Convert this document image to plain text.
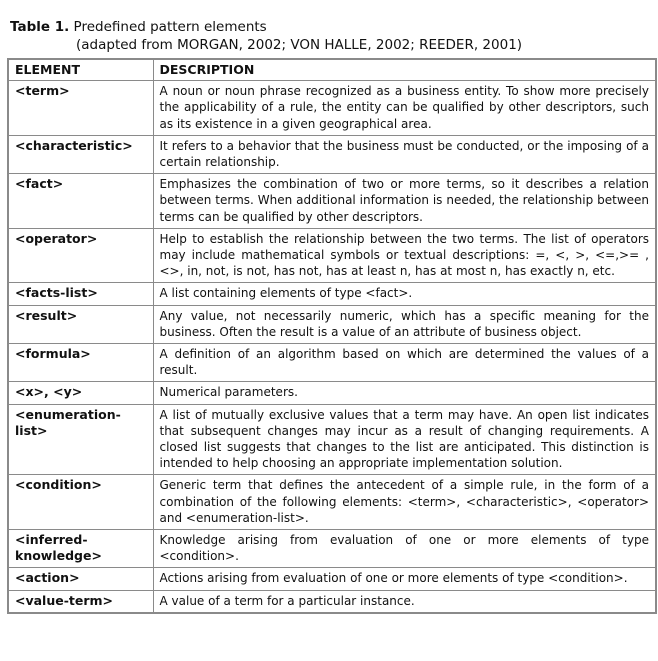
Table 1. Predefined pattern elements
(adapted from MORGAN, 2002; VON HALLE, 2002; REEDER, 2001)
ELEMENT	DESCRIPTION
<term>	A noun or noun phrase recognized as a business entity. To show more precisely the applicability of a rule, the entity can be qualified by other descriptors, such as its existence in a given geographical area.
<characteristic>	It refers to a behavior that the business must be conducted, or the imposing of a certain relationship.
<fact>	Emphasizes the combination of two or more terms, so it describes a relation between terms. When additional information is needed, the relationship between terms can be qualified by other descriptors.
<operator>	Help to establish the relationship between the two terms. The list of operators may include mathematical symbols or textual descriptions: =, <, >, <=,>= , <>, in, not, is not, has not, has at least n, has at most n, has exactly n, etc.
<facts-list>	A list containing elements of type <fact>.
<result>	Any value, not necessarily numeric, which has a specific meaning for the business. Often the result is a value of an attribute of business object.
<formula>	A definition of an algorithm based on which are determined the values of a result.
<x>, <y>	Numerical parameters.
<enumeration-list>	A list of mutually exclusive values that a term may have. An open list indicates that subsequent changes may incur as a result of changing requirements. A closed list suggests that changes to the list are anticipated. This distinction is intended to help choosing an appropriate implementation solution.
<condition>	Generic term that defines the antecedent of a simple rule, in the form of a combination of the following elements: <term>, <characteristic>, <operator> and <enumeration-list>.
<inferred-knowledge>	Knowledge arising from evaluation of one or more elements of type <condition>.
<action>	Actions arising from evaluation of one or more elements of type <condition>.
<value-term>	A value of a term for a particular instance.
